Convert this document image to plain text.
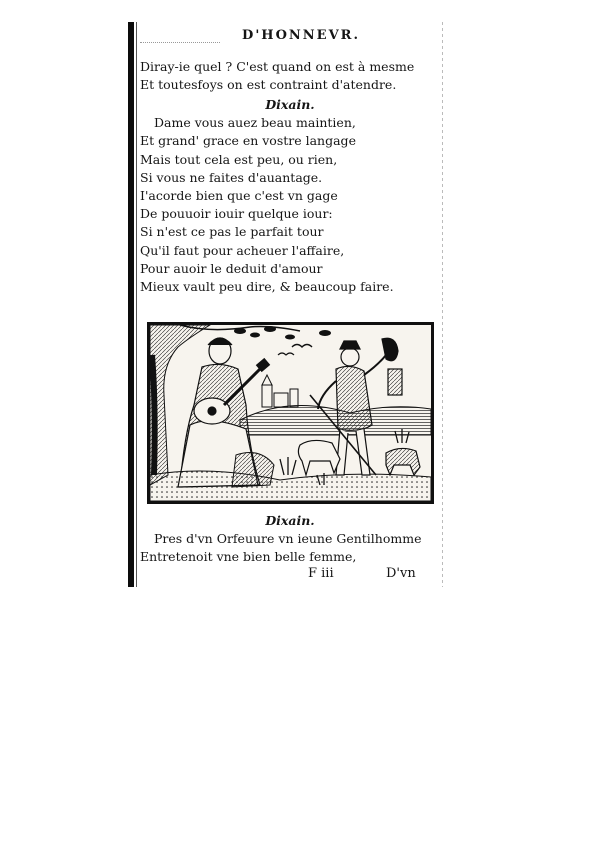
D'HONNEVR.
Diray-ie quel ? C'est quand on est à mesme
Et toutesfoys on est contraint d'atendre.
Dixain.
Dame vous auez beau maintien,
Et grand' grace en vostre langage
Mais tout cela est peu, ou rien,
Si vous ne faites d'auantage.
I'acorde bien que c'est vn gage
De pouuoir iouir quelque iour:
Si n'est ce pas le parfait tour
Qu'il faut pour acheuer l'affaire,
Pour auoir le deduit d'amour
Mieux vault peu dire, & beaucoup faire.
Dixain.
Pres d'vn Orfeuure vn ieune Gentilhomme
Entretenoit vne bien belle femme,
F iii	D'vn
